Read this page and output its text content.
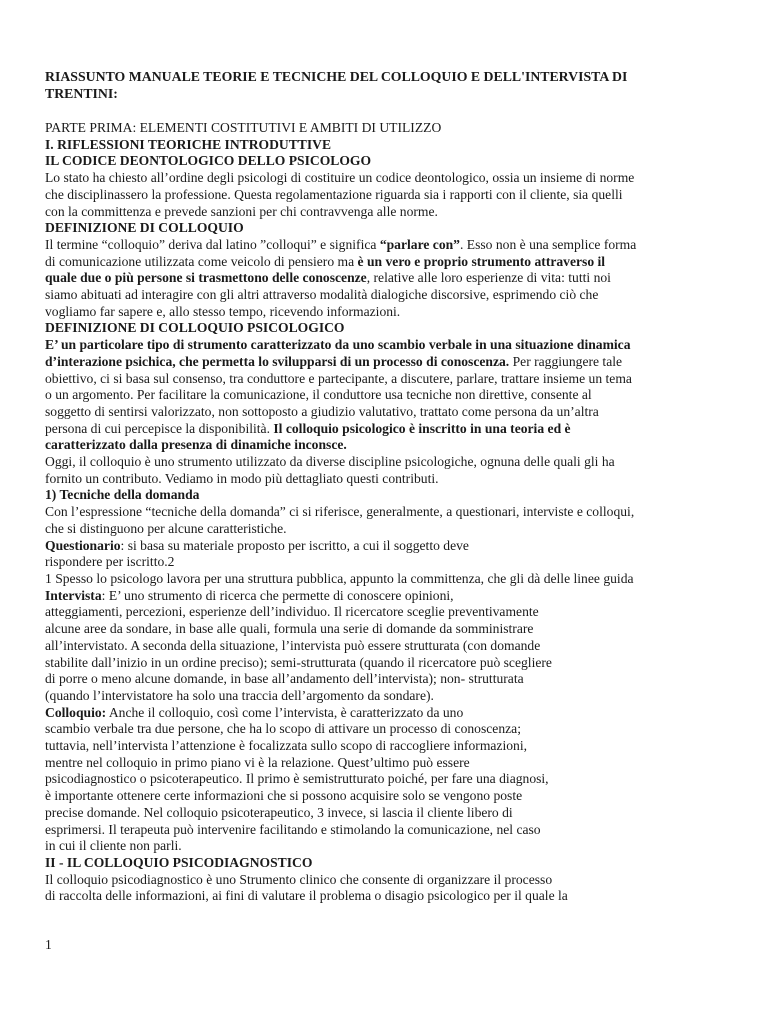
RIASSUNTO MANUALE TEORIE E TECNICHE DEL COLLOQUIO E DELL'INTERVISTA DI
TRENTINI:

PARTE PRIMA: ELEMENTI COSTITUTIVI E AMBITI DI UTILIZZO
I. RIFLESSIONI TEORICHE INTRODUTTIVE
IL CODICE DEONTOLOGICO DELLO PSICOLOGO
Lo stato ha chiesto all’ordine degli psicologi di costituire un codice deontologico, ossia un insieme di norme
che disciplinassero la professione. Questa regolamentazione riguarda sia i rapporti con il cliente, sia quelli
con la committenza e prevede sanzioni per chi contravvenga alle norme.
DEFINIZIONE DI COLLOQUIO
Il termine “colloquio” deriva dal latino ”colloqui” e significa “parlare con”. Esso non è una semplice forma
di comunicazione utilizzata come veicolo di pensiero ma è un vero e proprio strumento attraverso il
quale due o più persone si trasmettono delle conoscenze, relative alle loro esperienze di vita: tutti noi
siamo abituati ad interagire con gli altri attraverso modalità dialogiche discorsive, esprimendo ciò che
vogliamo far sapere e, allo stesso tempo, ricevendo informazioni.
DEFINIZIONE DI COLLOQUIO PSICOLOGICO
E’ un particolare tipo di strumento caratterizzato da uno scambio verbale in una situazione dinamica
d’interazione psichica, che permetta lo svilupparsi di un processo di conoscenza. Per raggiungere tale
obiettivo, ci si basa sul consenso, tra conduttore e partecipante, a discutere, parlare, trattare insieme un tema
o un argomento. Per facilitare la comunicazione, il conduttore usa tecniche non direttive, consente al
soggetto di sentirsi valorizzato, non sottoposto a giudizio valutativo, trattato come persona da un’altra
persona di cui percepisce la disponibilità. Il colloquio psicologico è inscritto in una teoria ed è
caratterizzato dalla presenza di dinamiche inconsce.
Oggi, il colloquio è uno strumento utilizzato da diverse discipline psicologiche, ognuna delle quali gli ha
fornito un contributo. Vediamo in modo più dettagliato questi contributi.
1) Tecniche della domanda
Con l’espressione “tecniche della domanda” ci si riferisce, generalmente, a questionari, interviste e colloqui,
che si distinguono per alcune caratteristiche.
Questionario: si basa su materiale proposto per iscritto, a cui il soggetto deve
rispondere per iscritto.2
1 Spesso lo psicologo lavora per una struttura pubblica, appunto la committenza, che gli dà delle linee guida
Intervista: E’ uno strumento di ricerca che permette di conoscere opinioni,
atteggiamenti, percezioni, esperienze dell’individuo. Il ricercatore sceglie preventivamente
alcune aree da sondare, in base alle quali, formula una serie di domande da somministrare
all’intervistato. A seconda della situazione, l’intervista può essere strutturata (con domande
stabilite dall’inizio in un ordine preciso); semi-strutturata (quando il ricercatore può scegliere
di porre o meno alcune domande, in base all’andamento dell’intervista); non- strutturata
(quando l’intervistatore ha solo una traccia dell’argomento da sondare).
Colloquio: Anche il colloquio, così come l’intervista, è caratterizzato da uno
scambio verbale tra due persone, che ha lo scopo di attivare un processo di conoscenza;
tuttavia, nell’intervista l’attenzione è focalizzata sullo scopo di raccogliere informazioni,
mentre nel colloquio in primo piano vi è la relazione. Quest’ultimo può essere
psicodiagnostico o psicoterapeutico. Il primo è semistrutturato poiché, per fare una diagnosi,
è importante ottenere certe informazioni che si possono acquisire solo se vengono poste
precise domande. Nel colloquio psicoterapeutico, 3 invece, si lascia il cliente libero di
esprimersi. Il terapeuta può intervenire facilitando e stimolando la comunicazione, nel caso
in cui il cliente non parli.
II - IL COLLOQUIO PSICODIAGNOSTICO
Il colloquio psicodiagnostico è uno Strumento clinico che consente di organizzare il processo
di raccolta delle informazioni, ai fini di valutare il problema o disagio psicologico per il quale la
1
